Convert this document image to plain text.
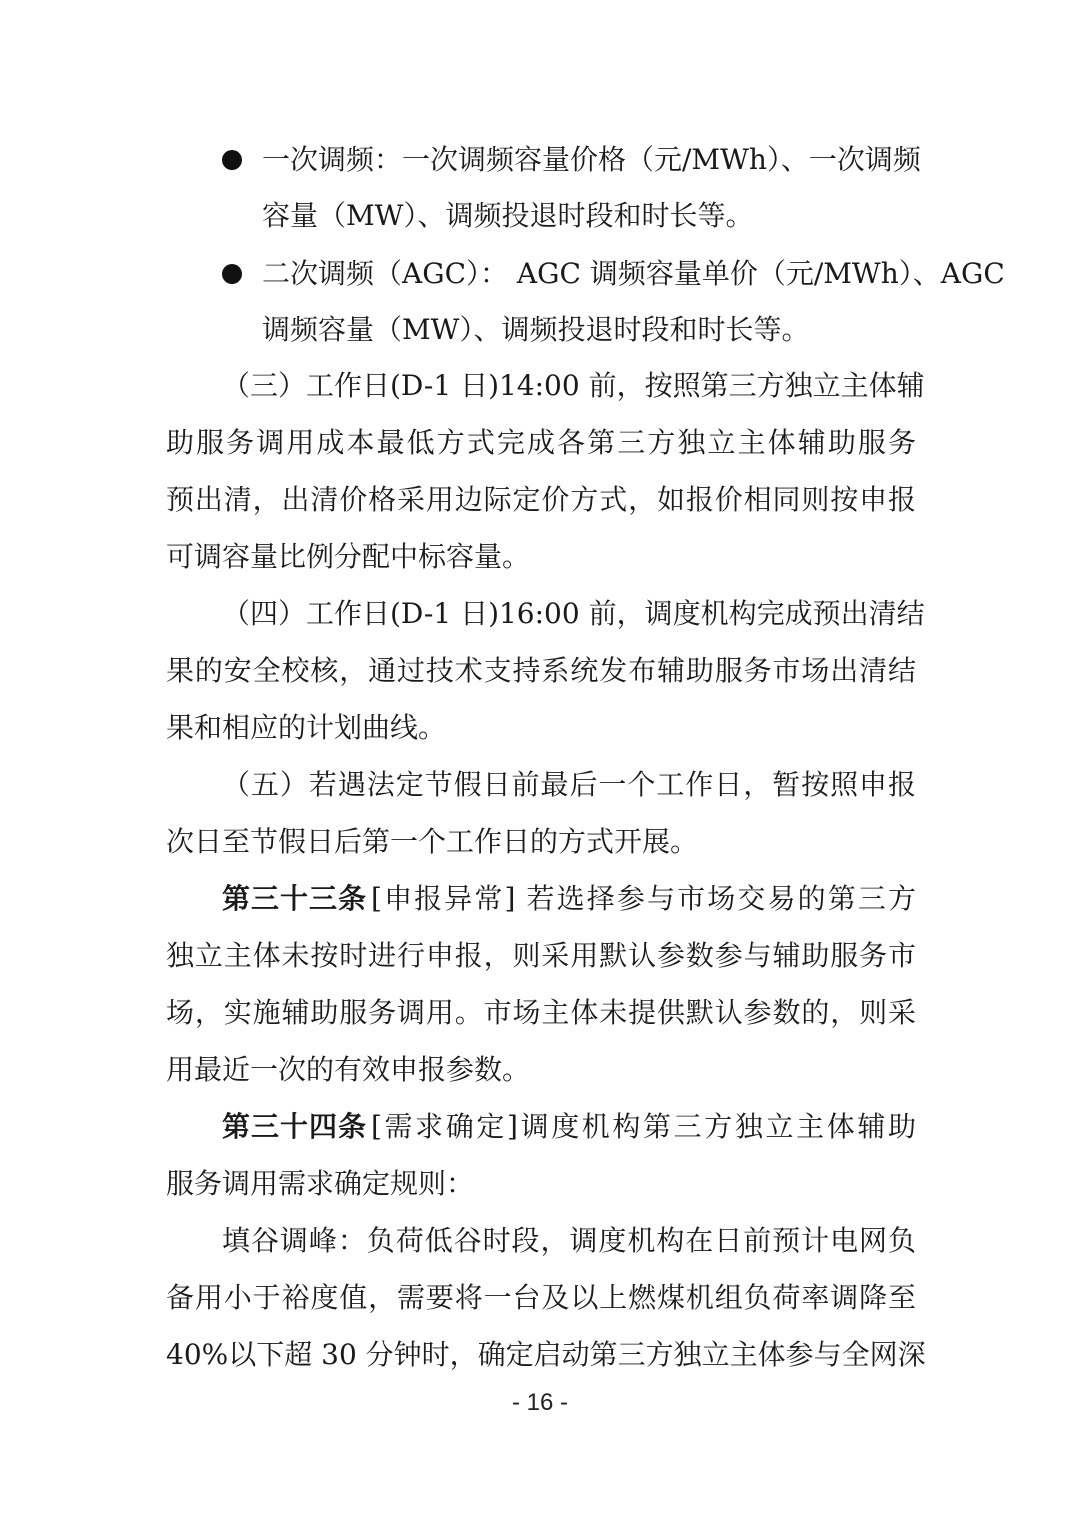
一次调频：一次调频容量价格（元/MWh）、一次调频
容量（MW）、调频投退时段和时长等。
二次调频（AGC）： AGC 调频容量单价（元/MWh）、AGC
调频容量（MW）、调频投退时段和时长等。
（三）工作日(D-1 日)14:00 前，按照第三方独立主体辅
助服务调用成本最低方式完成各第三方独立主体辅助服务
预出清，出清价格采用边际定价方式，如报价相同则按申报
可调容量比例分配中标容量。
（四）工作日(D-1 日)16:00 前，调度机构完成预出清结
果的安全校核，通过技术支持系统发布辅助服务市场出清结
果和相应的计划曲线。
（五）若遇法定节假日前最后一个工作日，暂按照申报
次日至节假日后第一个工作日的方式开展。
第三十三条 [申报异常] 若选择参与市场交易的第三方
独立主体未按时进行申报，则采用默认参数参与辅助服务市
场，实施辅助服务调用。市场主体未提供默认参数的，则采
用最近一次的有效申报参数。
第三十四条 [需求确定]调度机构第三方独立主体辅助
服务调用需求确定规则：
填谷调峰：负荷低谷时段，调度机构在日前预计电网负
备用小于裕度值，需要将一台及以上燃煤机组负荷率调降至
40%以下超 30 分钟时，确定启动第三方独立主体参与全网深
- 16 -
